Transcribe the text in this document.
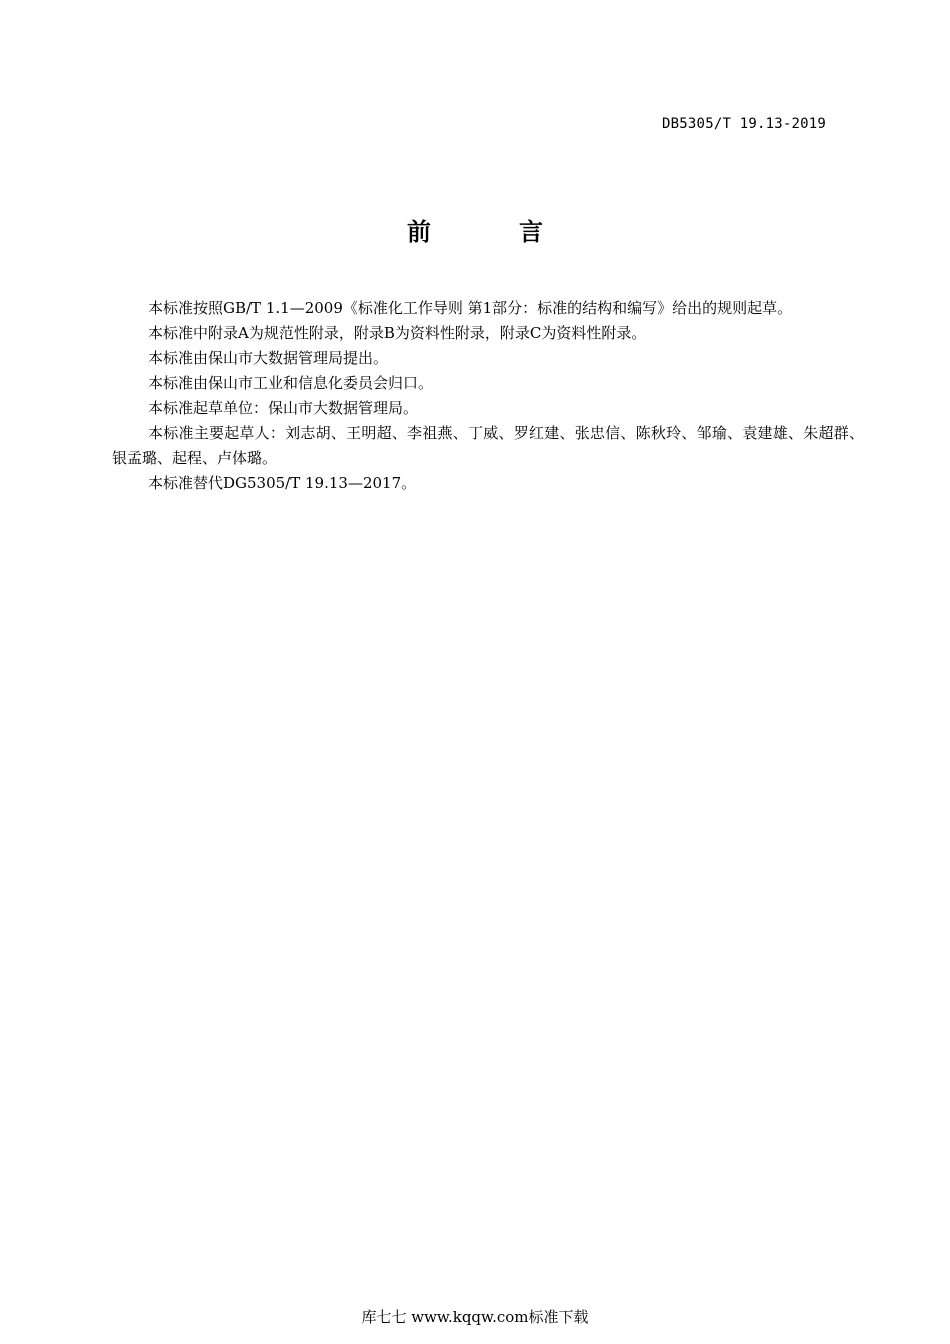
DB5305/T 19.13-2019
前	言

本标准按照GB/T 1.1—2009《标准化工作导则 第1部分：标准的结构和编写》给出的规则起草。

本标准中附录A为规范性附录，附录B为资料性附录，附录C为资料性附录。

本标准由保山市大数据管理局提出。

本标准由保山市工业和信息化委员会归口。

本标准起草单位：保山市大数据管理局。

本标准主要起草人：刘志胡、王明超、李祖燕、丁威、罗红建、张忠信、陈秋玲、邹瑜、袁建雄、朱超群、银孟璐、起程、卢体璐。

本标准替代DG5305/T 19.13—2017。

库七七 www.kqqw.com标准下载
